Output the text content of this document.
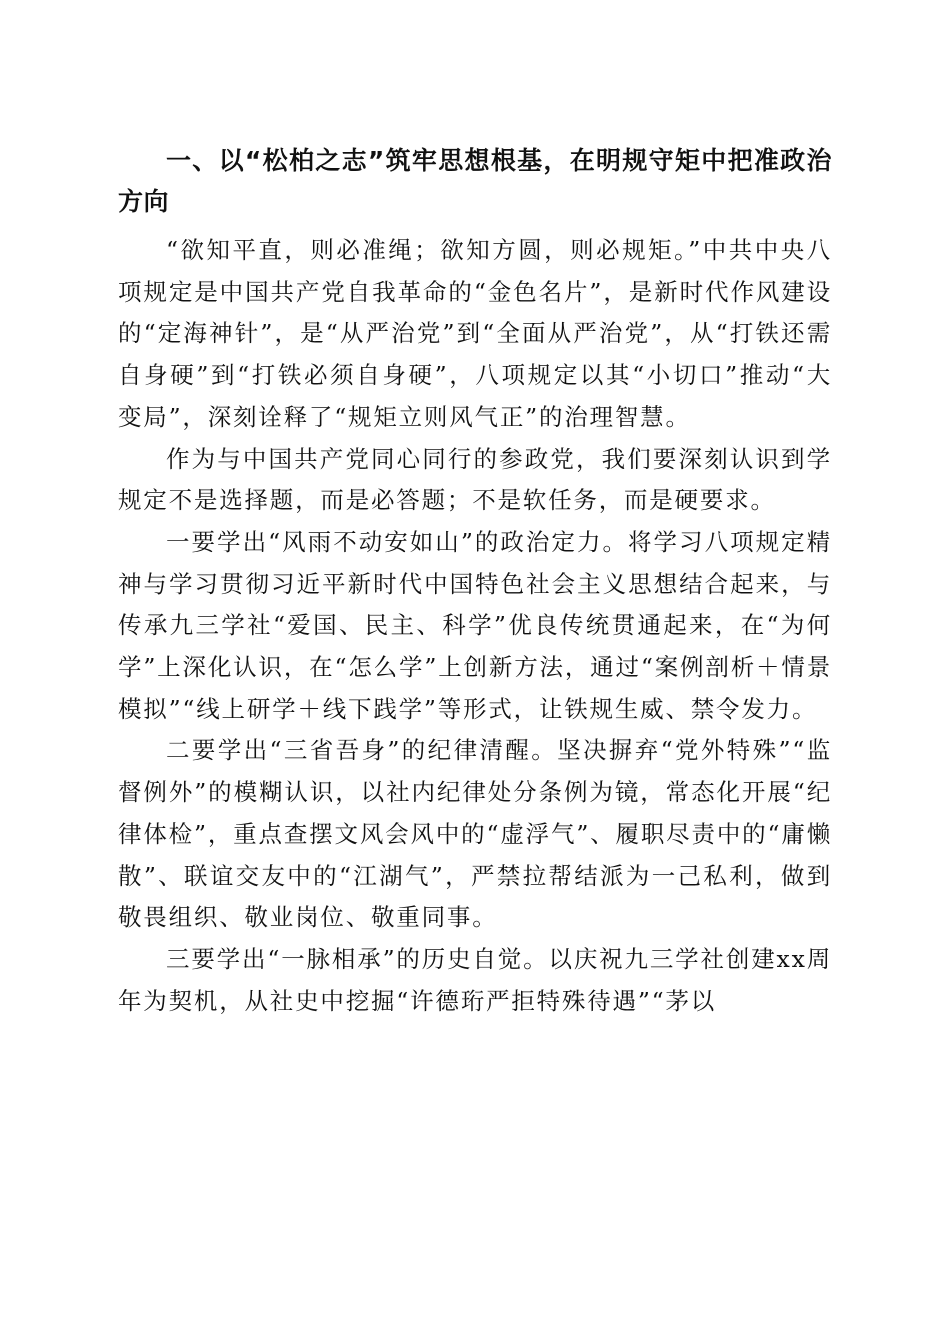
一、以“松柏之志”筑牢思想根基，在明规守矩中把准政治方向

“欲知平直，则必准绳；欲知方圆，则必规矩。”中共中央八项规定是中国共产党自我革命的“金色名片”，是新时代作风建设的“定海神针”，是“从严治党”到“全面从严治党”，从“打铁还需自身硬”到“打铁必须自身硬”，八项规定以其“小切口”推动“大变局”，深刻诠释了“规矩立则风气正”的治理智慧。

作为与中国共产党同心同行的参政党，我们要深刻认识到学规定不是选择题，而是必答题；不是软任务，而是硬要求。

一要学出“风雨不动安如山”的政治定力。将学习八项规定精神与学习贯彻习近平新时代中国特色社会主义思想结合起来，与传承九三学社“爱国、民主、科学”优良传统贯通起来，在“为何学”上深化认识，在“怎么学”上创新方法，通过“案例剖析＋情景模拟”“线上研学＋线下践学”等形式，让铁规生威、禁令发力。

二要学出“三省吾身”的纪律清醒。坚决摒弃“党外特殊”“监督例外”的模糊认识，以社内纪律处分条例为镜，常态化开展“纪律体检”，重点查摆文风会风中的“虚浮气”、履职尽责中的“庸懒散”、联谊交友中的“江湖气”，严禁拉帮结派为一己私利，做到敬畏组织、敬业岗位、敬重同事。

三要学出“一脉相承”的历史自觉。以庆祝九三学社创建xx周年为契机，从社史中挖掘“许德珩严拒特殊待遇”“茅以
